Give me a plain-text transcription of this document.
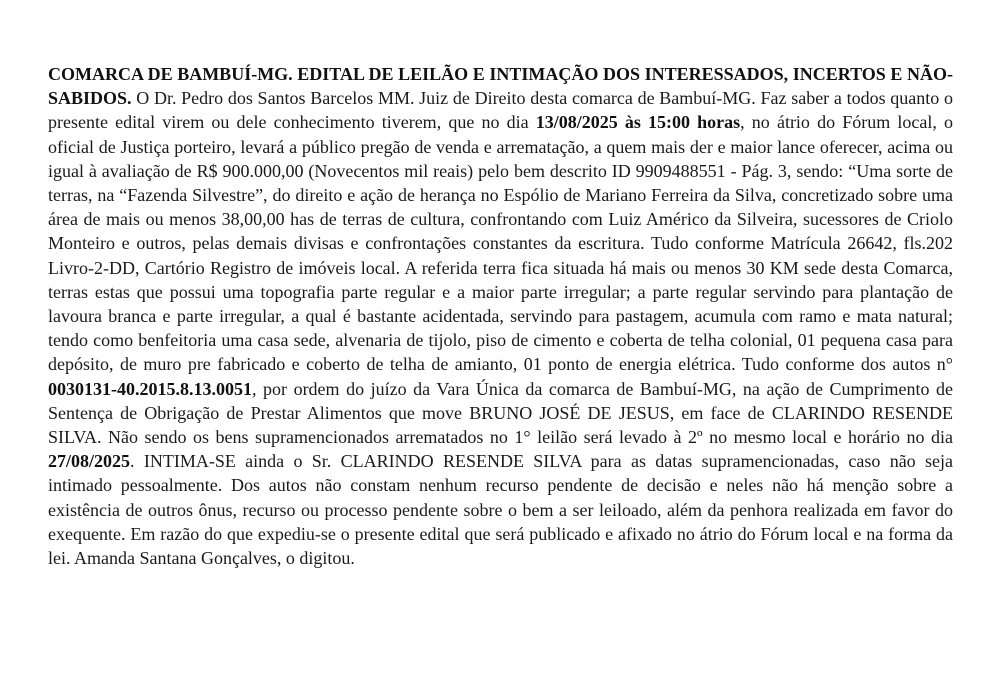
COMARCA DE BAMBUÍ-MG. EDITAL DE LEILÃO E INTIMAÇÃO DOS INTERESSADOS, INCERTOS E NÃO-SABIDOS. O Dr. Pedro dos Santos Barcelos MM. Juiz de Direito desta comarca de Bambuí-MG. Faz saber a todos quanto o presente edital virem ou dele conhecimento tiverem, que no dia 13/08/2025 às 15:00 horas, no átrio do Fórum local, o oficial de Justiça porteiro, levará a público pregão de venda e arrematação, a quem mais der e maior lance oferecer, acima ou igual à avaliação de R$ 900.000,00 (Novecentos mil reais) pelo bem descrito ID 9909488551 - Pág. 3, sendo: “Uma sorte de terras, na “Fazenda Silvestre”, do direito e ação de herança no Espólio de Mariano Ferreira da Silva, concretizado sobre uma área de mais ou menos 38,00,00 has de terras de cultura, confrontando com Luiz Américo da Silveira, sucessores de Criolo Monteiro e outros, pelas demais divisas e confrontações constantes da escritura. Tudo conforme Matrícula 26642, fls.202 Livro-2-DD, Cartório Registro de imóveis local. A referida terra fica situada há mais ou menos 30 KM sede desta Comarca, terras estas que possui uma topografia parte regular e a maior parte irregular; a parte regular servindo para plantação de lavoura branca e parte irregular, a qual é bastante acidentada, servindo para pastagem, acumula com ramo e mata natural; tendo como benfeitoria uma casa sede, alvenaria de tijolo, piso de cimento e coberta de telha colonial, 01 pequena casa para depósito, de muro pre fabricado e coberto de telha de amianto, 01 ponto de energia elétrica. Tudo conforme dos autos n° 0030131-40.2015.8.13.0051, por ordem do juízo da Vara Única da comarca de Bambuí-MG, na ação de Cumprimento de Sentença de Obrigação de Prestar Alimentos que move BRUNO JOSÉ DE JESUS, em face de CLARINDO RESENDE SILVA. Não sendo os bens supramencionados arrematados no 1° leilão será levado à 2º no mesmo local e horário no dia 27/08/2025. INTIMA-SE ainda o Sr. CLARINDO RESENDE SILVA para as datas supramencionadas, caso não seja intimado pessoalmente. Dos autos não constam nenhum recurso pendente de decisão e neles não há menção sobre a existência de outros ônus, recurso ou processo pendente sobre o bem a ser leiloado, além da penhora realizada em favor do exequente. Em razão do que expediu-se o presente edital que será publicado e afixado no átrio do Fórum local e na forma da lei. Amanda Santana Gonçalves, o digitou.
